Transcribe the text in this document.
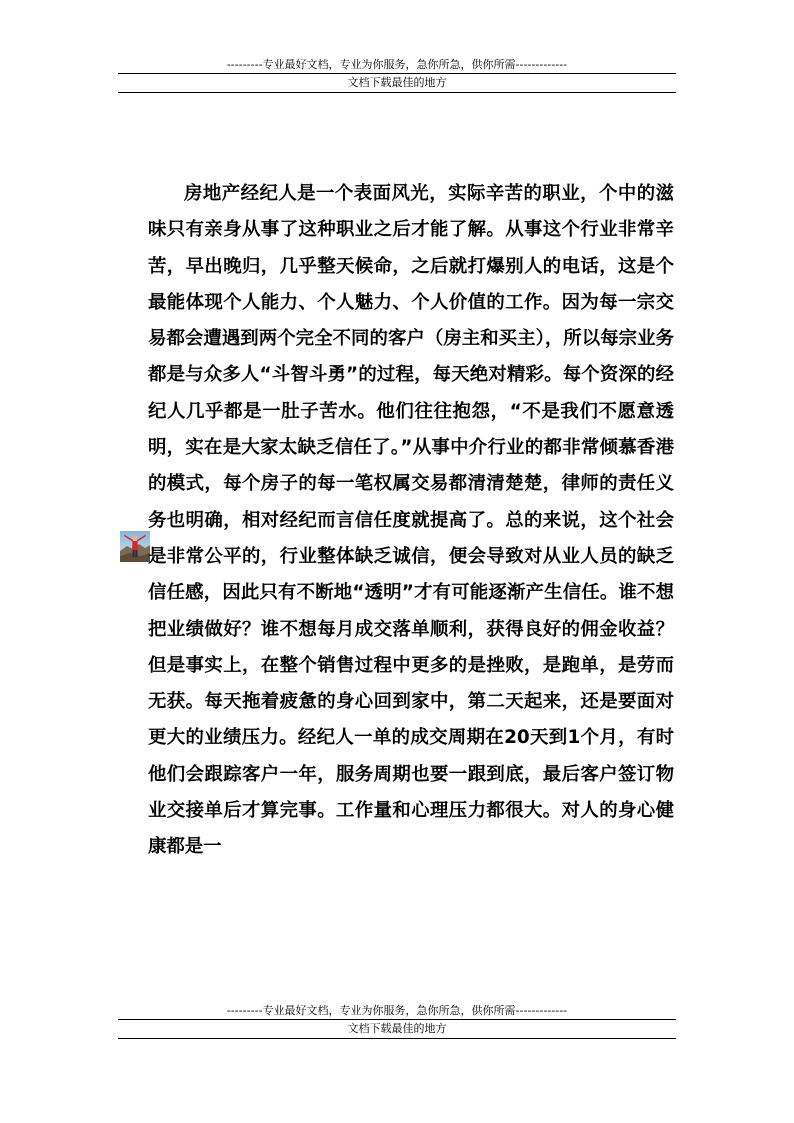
---------专业最好文档，专业为你服务，急你所急，供你所需-------------
文档下载最佳的地方

房地产经纪人是一个表面风光，实际辛苦的职业，个中的滋味只有亲身从事了这种职业之后才能了解。从事这个行业非常辛苦，早出晚归，几乎整天候命，之后就打爆别人的电话，这是个最能体现个人能力、个人魅力、个人价值的工作。因为每一宗交易都会遭遇到两个完全不同的客户（房主和买主），所以每宗业务都是与众多人“斗智斗勇”的过程，每天绝对精彩。每个资深的经纪人几乎都是一肚子苦水。他们往往抱怨，“不是我们不愿意透明，实在是大家太缺乏信任了。”从事中介行业的都非常倾慕香港的模式，每个房子的每一笔权属交易都清清楚楚，律师的责任义务也明确，相对经纪而言信任度就提高了。总的来说，这个社会是非常公平的，行业整体缺乏诚信，便会导致对从业人员的缺乏信任感，因此只有不断地“透明”才有可能逐渐产生信任。谁不想把业绩做好？谁不想每月成交落单顺利，获得良好的佣金收益？但是事实上，在整个销售过程中更多的是挫败，是跑单，是劳而无获。每天拖着疲惫的身心回到家中，第二天起来，还是要面对更大的业绩压力。经纪人一单的成交周期在20天到1个月，有时他们会跟踪客户一年，服务周期也要一跟到底，最后客户签订物业交接单后才算完事。工作量和心理压力都很大。对人的身心健康都是一

---------专业最好文档，专业为你服务，急你所急，供你所需-------------
文档下载最佳的地方
